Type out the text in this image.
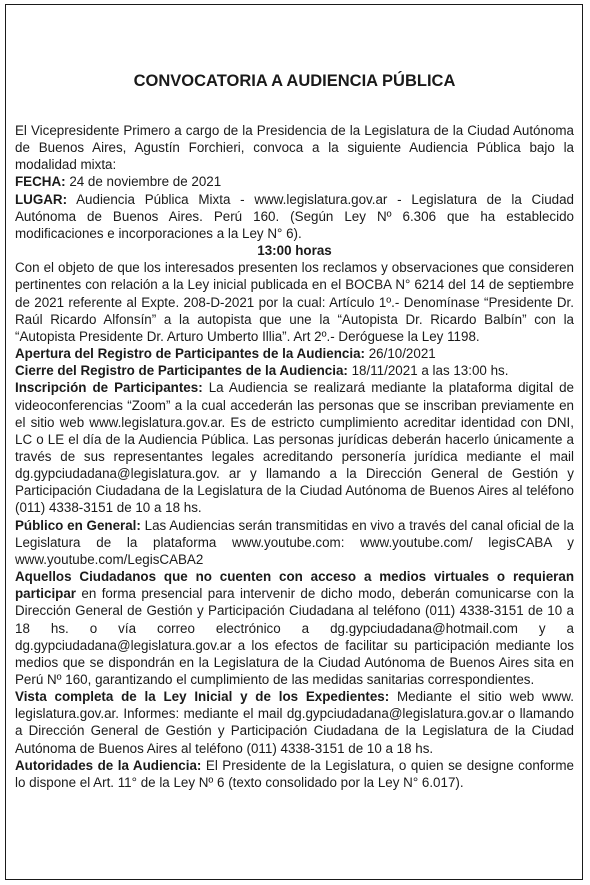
CONVOCATORIA A AUDIENCIA PÚBLICA

El Vicepresidente Primero a cargo de la Presidencia de la Legislatura de la Ciudad Autónoma de Buenos Aires, Agustín Forchieri, convoca a la siguiente Audiencia Pública bajo la modalidad mixta:

FECHA: 24 de noviembre de 2021

LUGAR: Audiencia Pública Mixta - www.legislatura.gov.ar - Legislatura de la Ciudad Autónoma de Buenos Aires. Perú 160. (Según Ley Nº 6.306 que ha establecido modificaciones e incorporaciones a la Ley N° 6).

13:00 horas

Con el objeto de que los interesados presenten los reclamos y observaciones que consideren pertinentes con relación a la Ley inicial publicada en el BOCBA N° 6214 del 14 de septiembre de 2021 referente al Expte. 208-D-2021 por la cual: Artículo 1º.- Denomínase “Presidente Dr. Raúl Ricardo Alfonsín” a la autopista que une la “Autopista Dr. Ricardo Balbín” con la “Autopista Presidente Dr. Arturo Umberto Illia”. Art 2º.- Deróguese la Ley 1198.

Apertura del Registro de Participantes de la Audiencia: 26/10/2021

Cierre del Registro de Participantes de la Audiencia: 18/11/2021 a las 13:00 hs.

Inscripción de Participantes: La Audiencia se realizará mediante la plataforma digital de videoconferencias “Zoom” a la cual accederán las personas que se inscriban previamente en el sitio web www.legislatura.gov.ar. Es de estricto cumplimiento acreditar identidad con DNI, LC o LE el día de la Audiencia Pública. Las personas jurídicas deberán hacerlo únicamente a través de sus representantes legales acreditando personería jurídica mediante el mail dg.gypciudadana@legislatura.gov. ar y llamando a la Dirección General de Gestión y Participación Ciudadana de la Legislatura de la Ciudad Autónoma de Buenos Aires al teléfono (011) 4338-3151 de 10 a 18 hs.

Público en General: Las Audiencias serán transmitidas en vivo a través del canal oficial de la Legislatura de la plataforma www.youtube.com: www.youtube.com/ legisCABA y www.youtube.com/LegisCABA2

Aquellos Ciudadanos que no cuenten con acceso a medios virtuales o requieran participar en forma presencial para intervenir de dicho modo, deberán comunicarse con la Dirección General de Gestión y Participación Ciudadana al teléfono (011) 4338-3151 de 10 a 18 hs. o vía correo electrónico a dg.gypciudadana@hotmail.com y a dg.gypciudadana@legislatura.gov.ar a los efectos de facilitar su participación mediante los medios que se dispondrán en la Legislatura de la Ciudad Autónoma de Buenos Aires sita en Perú Nº 160, garantizando el cumplimiento de las medidas sanitarias correspondientes.

Vista completa de la Ley Inicial y de los Expedientes: Mediante el sitio web www. legislatura.gov.ar. Informes: mediante el mail dg.gypciudadana@legislatura.gov.ar o llamando a Dirección General de Gestión y Participación Ciudadana de la Legislatura de la Ciudad Autónoma de Buenos Aires al teléfono (011) 4338-3151 de 10 a 18 hs.

Autoridades de la Audiencia: El Presidente de la Legislatura, o quien se designe conforme lo dispone el Art. 11° de la Ley Nº 6 (texto consolidado por la Ley N° 6.017).
